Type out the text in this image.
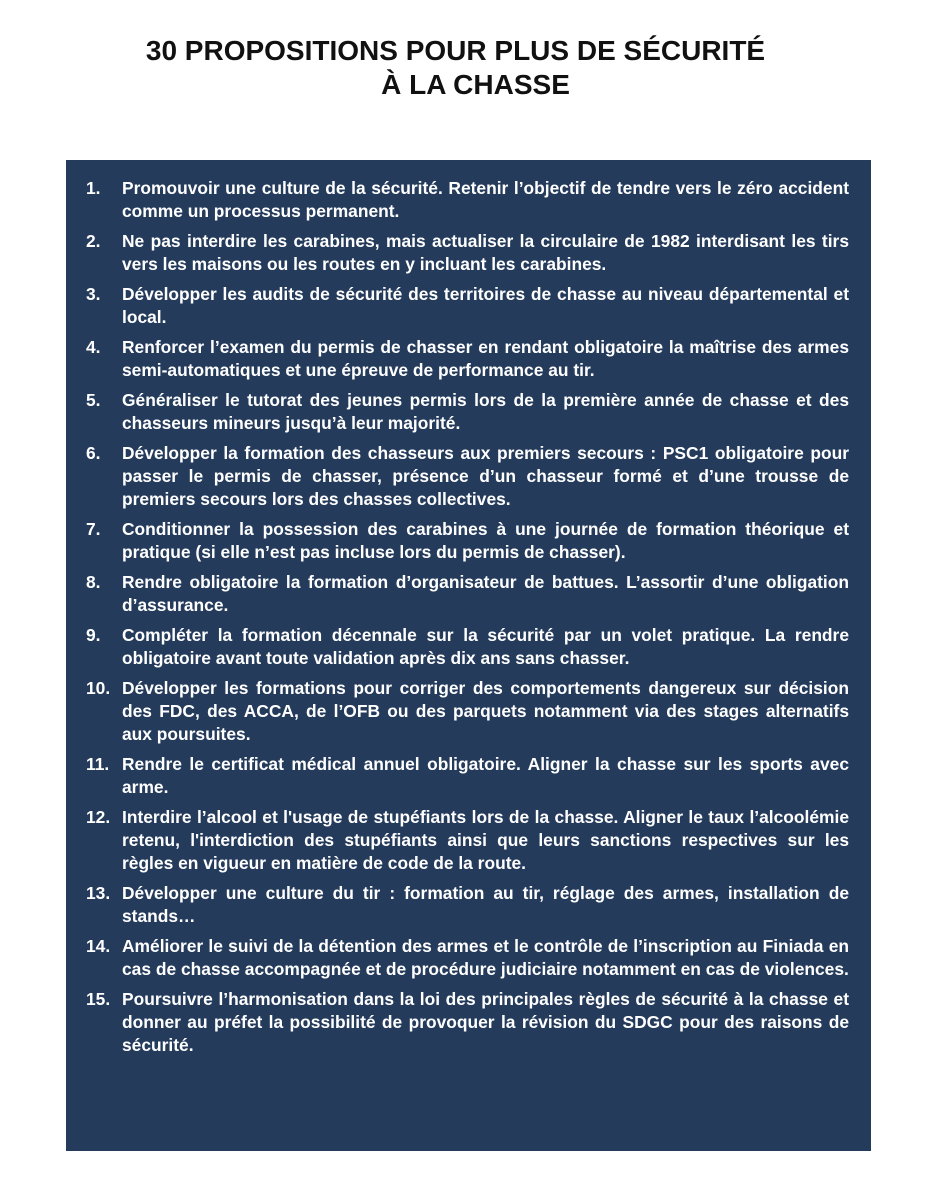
30 PROPOSITIONS POUR PLUS DE SÉCURITÉ
À LA CHASSE
1.	Promouvoir une culture de la sécurité. Retenir l’objectif de tendre vers le zéro accident comme un processus permanent.
2.	Ne pas interdire les carabines, mais actualiser la circulaire de 1982 interdisant les tirs vers les maisons ou les routes en y incluant les carabines.
3.	Développer les audits de sécurité des territoires de chasse au niveau départemental et local.
4.	Renforcer l’examen du permis de chasser en rendant obligatoire la maîtrise des armes semi-automatiques et une épreuve de performance au tir.
5.	Généraliser le tutorat des jeunes permis lors de la première année de chasse et des chasseurs mineurs jusqu’à leur majorité.
6.	Développer la formation des chasseurs aux premiers secours : PSC1 obligatoire pour passer le permis de chasser, présence d’un chasseur formé et d’une trousse de premiers secours lors des chasses collectives.
7.	Conditionner la possession des carabines à une journée de formation théorique et pratique (si elle n’est pas incluse lors du permis de chasser).
8.	Rendre obligatoire la formation d’organisateur de battues. L’assortir d’une obligation d’assurance.
9.	Compléter la formation décennale sur la sécurité par un volet pratique. La rendre obligatoire avant toute validation après dix ans sans chasser.
10. Développer les formations pour corriger des comportements dangereux sur décision des FDC, des ACCA, de l’OFB ou des parquets notamment via des stages alternatifs aux poursuites.
11. Rendre le certificat médical annuel obligatoire. Aligner la chasse sur les sports avec arme.
12. Interdire l’alcool et l'usage de stupéfiants lors de la chasse. Aligner le taux l’alcoolémie retenu, l'interdiction des stupéfiants ainsi que leurs sanctions respectives sur les règles en vigueur en matière de code de la route.
13. Développer une culture du tir : formation au tir, réglage des armes, installation de stands…
14. Améliorer le suivi de la détention des armes et le contrôle de l’inscription au Finiada en cas de chasse accompagnée et de procédure judiciaire notamment en cas de violences.
15. Poursuivre l’harmonisation dans la loi des principales règles de sécurité à la chasse et donner au préfet la possibilité de provoquer la révision du SDGC pour des raisons de sécurité.
